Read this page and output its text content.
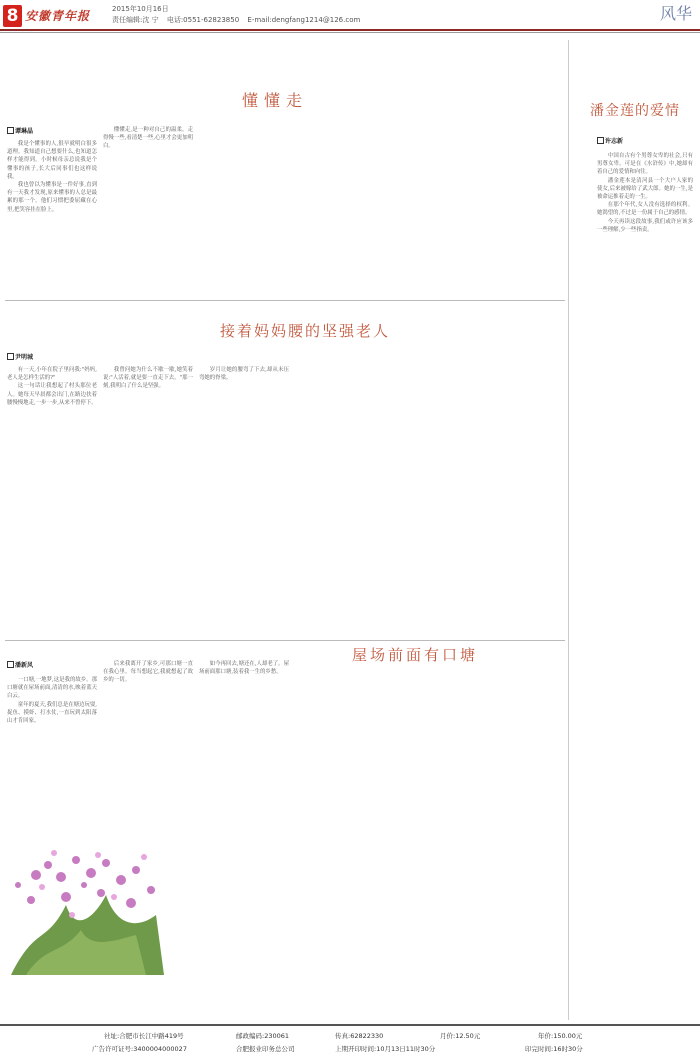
8 安徽青年报	2015年10月16日
责任编辑:沈 宁 电话:0551-62823850 E-mail:dengfang1214@126.com	风华
懂懂走
谭琳晶

我是个懂事的人,很早就明白很多道理。我知道自己想要什么,也知道怎样才能得到。小时候母亲总说我是个懂事的孩子,长大后同事们也这样说我。

我也曾以为懂事是一件好事,直到有一天我才发现,原来懂事的人总是最累的那一个。他们习惯把委屈藏在心里,把笑容挂在脸上。

懂懂走,是一种对自己的温柔。走得慢一些,看清楚一些,心里才会更加明白。

接着妈妈腰的坚强老人
尹明城

有一天,小年在院子里问我:"妈妈,老人是怎样生活的?"

这一句话让我想起了村头那位老人。她每天早晨都会出门,在路边扶着腰慢慢地走,一步一步,从来不曾停下。

我曾问她为什么不歇一歇,她笑着说:"人活着,就是要一直走下去。"那一刻,我明白了什么是坚强。

岁月让她的腰弯了下去,却从未压弯她的脊梁。

屋场前面有口塘
潘新风

一口塘,一地梦,这是我的故乡。那口塘就在屋场前面,清清的水,映着蓝天白云。

童年的夏天,我们总是在塘边玩耍,捉鱼、摸虾、打水仗,一直玩到太阳落山才肯回家。

后来我离开了家乡,可那口塘一直在我心里。每当想起它,我就想起了故乡的一切。

如今再回去,塘还在,人却老了。屋场前面那口塘,装着我一生的乡愁。

潘金莲的爱情
许志新

中国自古有个男尊女卑的社会,只有男尊女卑。可是在《水浒传》中,她却有着自己的爱情和向往。

潘金莲本是清河县一个大户人家的使女,后来被嫁给了武大郎。她的一生,是被命运推着走的一生。

在那个年代,女人没有选择的权利。她渴望的,不过是一份属于自己的感情。

今天再读这段故事,我们或许应该多一些理解,少一些指责。

社址:合肥市长江中路419号	邮政编码:230061	传真:62822330	月价:12.50元	年价:150.00元
广告许可证号:3400004000027	合肥报业印务总公司	上期开印时间:10月13日11时30分	印完时间:16时30分
